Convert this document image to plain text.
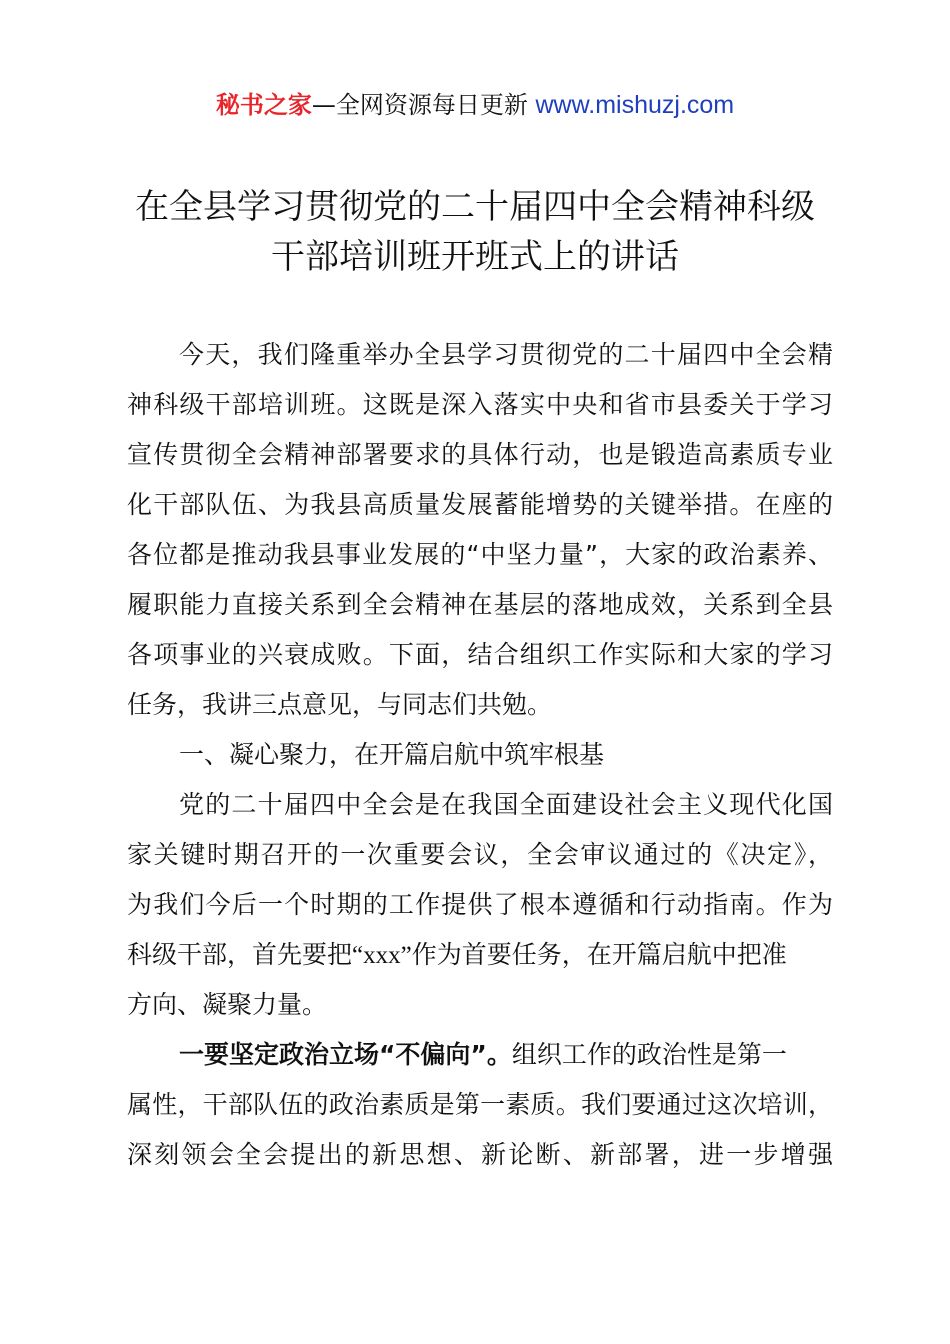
秘书之家—全网资源每日更新 www.mishuzj.com
在全县学习贯彻党的二十届四中全会精神科级
干部培训班开班式上的讲话
今天，我们隆重举办全县学习贯彻党的二十届四中全会精
神科级干部培训班。这既是深入落实中央和省市县委关于学习
宣传贯彻全会精神部署要求的具体行动，也是锻造高素质专业
化干部队伍、为我县高质量发展蓄能增势的关键举措。在座的
各位都是推动我县事业发展的“中坚力量”，大家的政治素养、
履职能力直接关系到全会精神在基层的落地成效，关系到全县
各项事业的兴衰成败。下面，结合组织工作实际和大家的学习
任务，我讲三点意见，与同志们共勉。
一、凝心聚力，在开篇启航中筑牢根基
党的二十届四中全会是在我国全面建设社会主义现代化国
家关键时期召开的一次重要会议，全会审议通过的《决定》，
为我们今后一个时期的工作提供了根本遵循和行动指南。作为
科级干部，首先要把“xxx”作为首要任务，在开篇启航中把准
方向、凝聚力量。
一要坚定政治立场“不偏向”。组织工作的政治性是第一
属性，干部队伍的政治素质是第一素质。我们要通过这次培训，
深刻领会全会提出的新思想、新论断、新部署，进一步增强
